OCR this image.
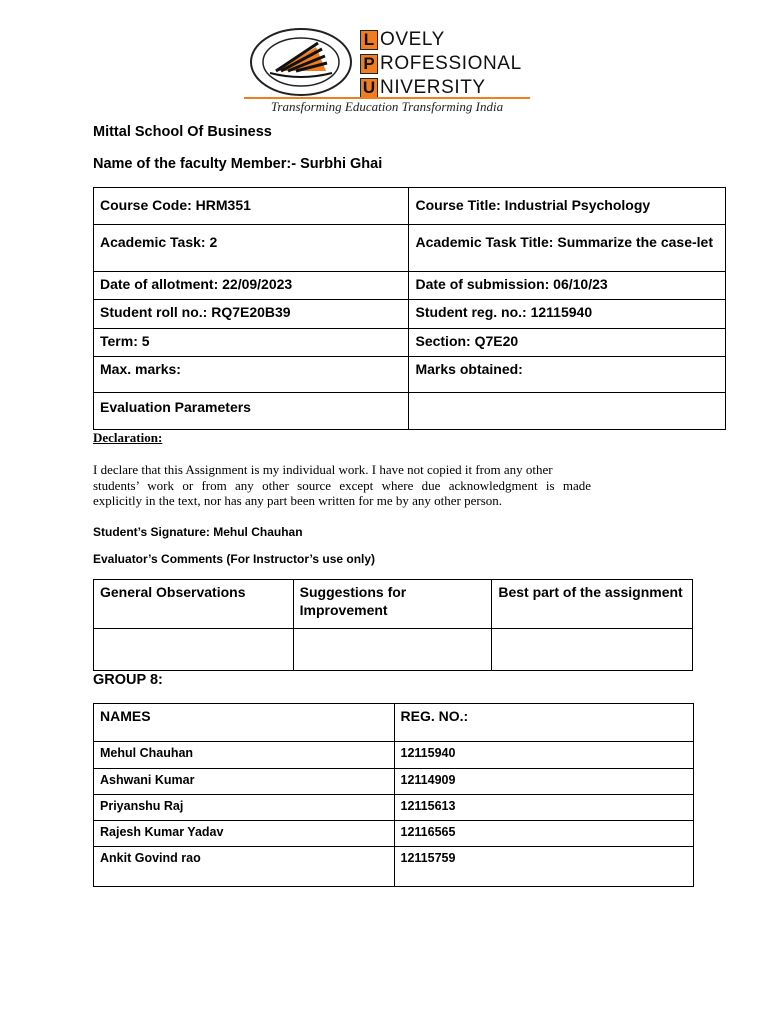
L OVELY
P ROFESSIONAL
U NIVERSITY
Transforming Education Transforming India
Mittal School Of Business
Name of the faculty Member:- Surbhi Ghai
Course Code: HRM351	Course Title: Industrial Psychology
Academic Task: 2	Academic Task Title: Summarize the case-let
Date of allotment: 22/09/2023	Date of submission: 06/10/23
Student roll no.: RQ7E20B39	Student reg. no.: 12115940
Term: 5	Section: Q7E20
Max. marks:	Marks obtained:
Evaluation Parameters	
Declaration:
I declare that this Assignment is my individual work. I have not copied it from any other
students’ work or from any other source except where due acknowledgment is made
explicitly in the text, nor has any part been written for me by any other person.
Student’s Signature: Mehul Chauhan
Evaluator’s Comments (For Instructor’s use only)
General Observations	Suggestions for Improvement	Best part of the assignment

GROUP 8:
NAMES	REG. NO.:
Mehul Chauhan	12115940
Ashwani Kumar	12114909
Priyanshu Raj	12115613
Rajesh Kumar Yadav	12116565
Ankit Govind rao	12115759
